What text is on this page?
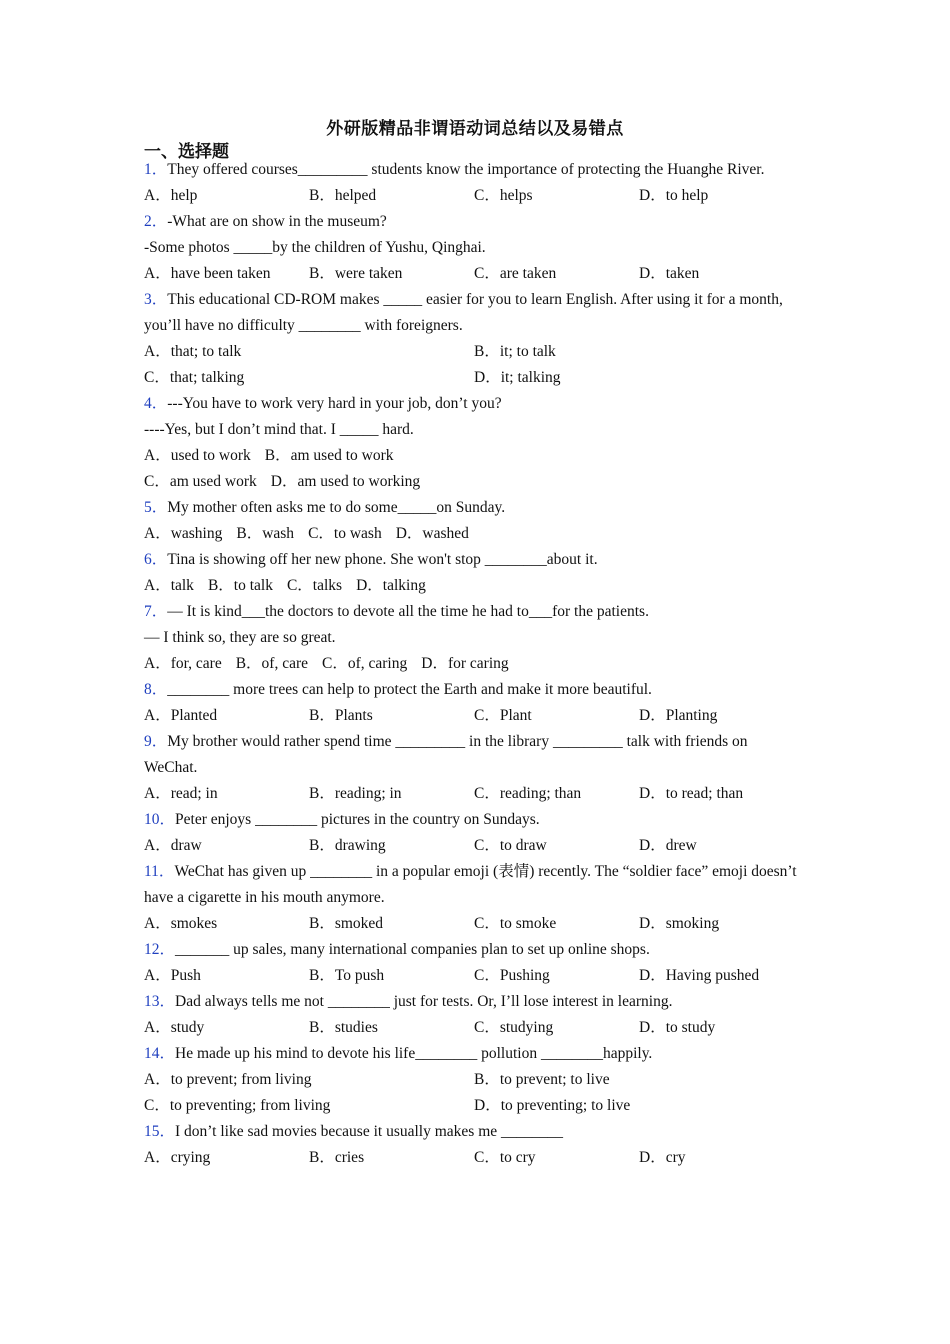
外研版精品非谓语动词总结以及易错点
一、选择题

1．They offered courses_________ students know the importance of protecting the Huanghe River.

A．help	B．helped	C．helps	D．to help

2．-What are on show in the museum?

-Some photos _____by the children of Yushu, Qinghai.

A．have been taken	B．were taken	C．are taken	D．taken

3．This educational CD-ROM makes _____ easier for you to learn English. After using it for a month, you’ll have no difficulty ________ with foreigners.

A．that; to talk	B．it; to talk
C．that; talking	D．it; talking

4．---You have to work very hard in your job, don’t you?

----Yes, but I don’t mind that. I _____ hard.

A．used to work B．am used to work
C．am used work D．am used to working

5．My mother often asks me to do some_____on Sunday.

A．washing B．wash C．to wash D．washed

6．Tina is showing off her new phone. She won't stop ________about it.

A．talk B．to talk C．talks D．talking

7．— It is kind___the doctors to devote all the time he had to___for the patients.

— I think so, they are so great.

A．for, care B．of, care C．of, caring D．for caring

8．________ more trees can help to protect the Earth and make it more beautiful.

A．Planted	B．Plants	C．Plant	D．Planting

9．My brother would rather spend time _________ in the library _________ talk with friends on WeChat.

A．read; in	B．reading; in	C．reading; than	D．to read; than

10．Peter enjoys ________ pictures in the country on Sundays.

A．draw	B．drawing	C．to draw	D．drew

11．WeChat has given up ________ in a popular emoji (表情) recently. The “soldier face” emoji doesn’t have a cigarette in his mouth anymore.

A．smokes	B．smoked	C．to smoke	D．smoking

12．_______ up sales, many international companies plan to set up online shops.

A．Push	B．To push	C．Pushing	D．Having pushed

13．Dad always tells me not ________ just for tests. Or, I’ll lose interest in learning.

A．study	B．studies	C．studying	D．to study

14．He made up his mind to devote his life________ pollution ________happily.

A．to prevent; from living	B．to prevent; to live
C．to preventing; from living	D．to preventing; to live

15．I don’t like sad movies because it usually makes me ________

A．crying	B．cries	C．to cry	D．cry
